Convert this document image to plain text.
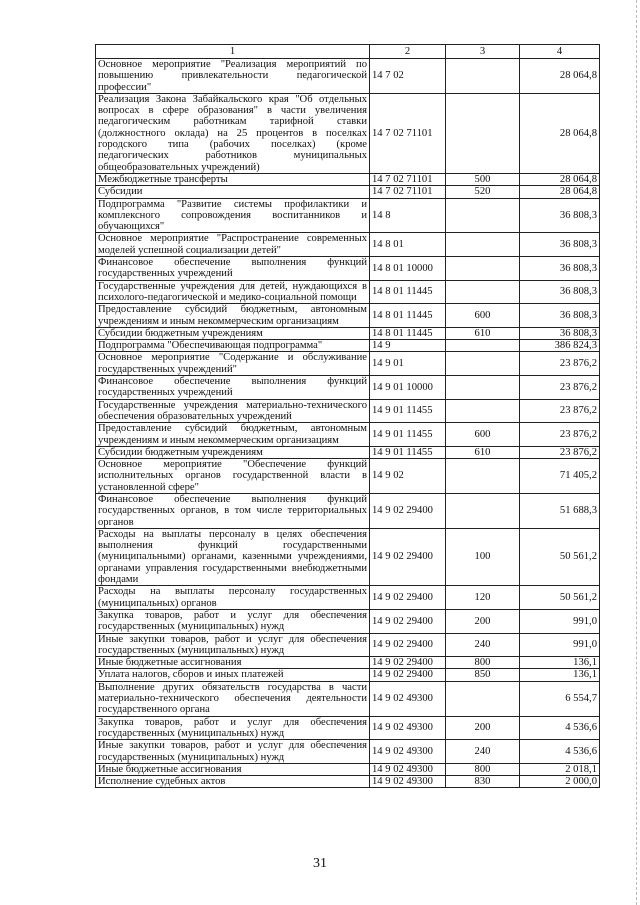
1	2	3	4
Основное мероприятие "Реализация мероприятий по повышению привлекательности педагогической профессии"	14 7 02		28 064,8
Реализация Закона Забайкальского края "Об отдельных вопросах в сфере образования" в части увеличения педагогическим работникам тарифной ставки (должностного оклада) на 25 процентов в поселках городского типа (рабочих поселках) (кроме педагогических работников муниципальных общеобразовательных учреждений)	14 7 02 71101		28 064,8
Межбюджетные трансферты	14 7 02 71101	500	28 064,8
Субсидии	14 7 02 71101	520	28 064,8
Подпрограмма "Развитие системы профилактики и комплексного сопровождения воспитанников и обучающихся"	14 8		36 808,3
Основное мероприятие "Распространение современных моделей успешной социализации детей"	14 8 01		36 808,3
Финансовое обеспечение выполнения функций государственных учреждений	14 8 01 10000		36 808,3
Государственные учреждения для детей, нуждающихся в психолого-педагогической и медико-социальной помощи	14 8 01 11445		36 808,3
Предоставление субсидий бюджетным, автономным учреждениям и иным некоммерческим организациям	14 8 01 11445	600	36 808,3
Субсидии бюджетным учреждениям	14 8 01 11445	610	36 808,3
Подпрограмма "Обеспечивающая подпрограмма"	14 9		386 824,3
Основное мероприятие "Содержание и обслуживание государственных учреждений"	14 9 01		23 876,2
Финансовое обеспечение выполнения функций государственных учреждений	14 9 01 10000		23 876,2
Государственные учреждения материально-технического обеспечения образовательных учреждений	14 9 01 11455		23 876,2
Предоставление субсидий бюджетным, автономным учреждениям и иным некоммерческим организациям	14 9 01 11455	600	23 876,2
Субсидии бюджетным учреждениям	14 9 01 11455	610	23 876,2
Основное мероприятие "Обеспечение функций исполнительных органов государственной власти в установленной сфере"	14 9 02		71 405,2
Финансовое обеспечение выполнения функций государственных органов, в том числе территориальных органов	14 9 02 29400		51 688,3
Расходы на выплаты персоналу в целях обеспечения выполнения функций государственными (муниципальными) органами, казенными учреждениями, органами управления государственными внебюджетными фондами	14 9 02 29400	100	50 561,2
Расходы на выплаты персоналу государственных (муниципальных) органов	14 9 02 29400	120	50 561,2
Закупка товаров, работ и услуг для обеспечения государственных (муниципальных) нужд	14 9 02 29400	200	991,0
Иные закупки товаров, работ и услуг для обеспечения государственных (муниципальных) нужд	14 9 02 29400	240	991,0
Иные бюджетные ассигнования	14 9 02 29400	800	136,1
Уплата налогов, сборов и иных платежей	14 9 02 29400	850	136,1
Выполнение других обязательств государства в части материально-технического обеспечения деятельности государственного органа	14 9 02 49300		6 554,7
Закупка товаров, работ и услуг для обеспечения государственных (муниципальных) нужд	14 9 02 49300	200	4 536,6
Иные закупки товаров, работ и услуг для обеспечения государственных (муниципальных) нужд	14 9 02 49300	240	4 536,6
Иные бюджетные ассигнования	14 9 02 49300	800	2 018,1
Исполнение судебных актов	14 9 02 49300	830	2 000,0
31
